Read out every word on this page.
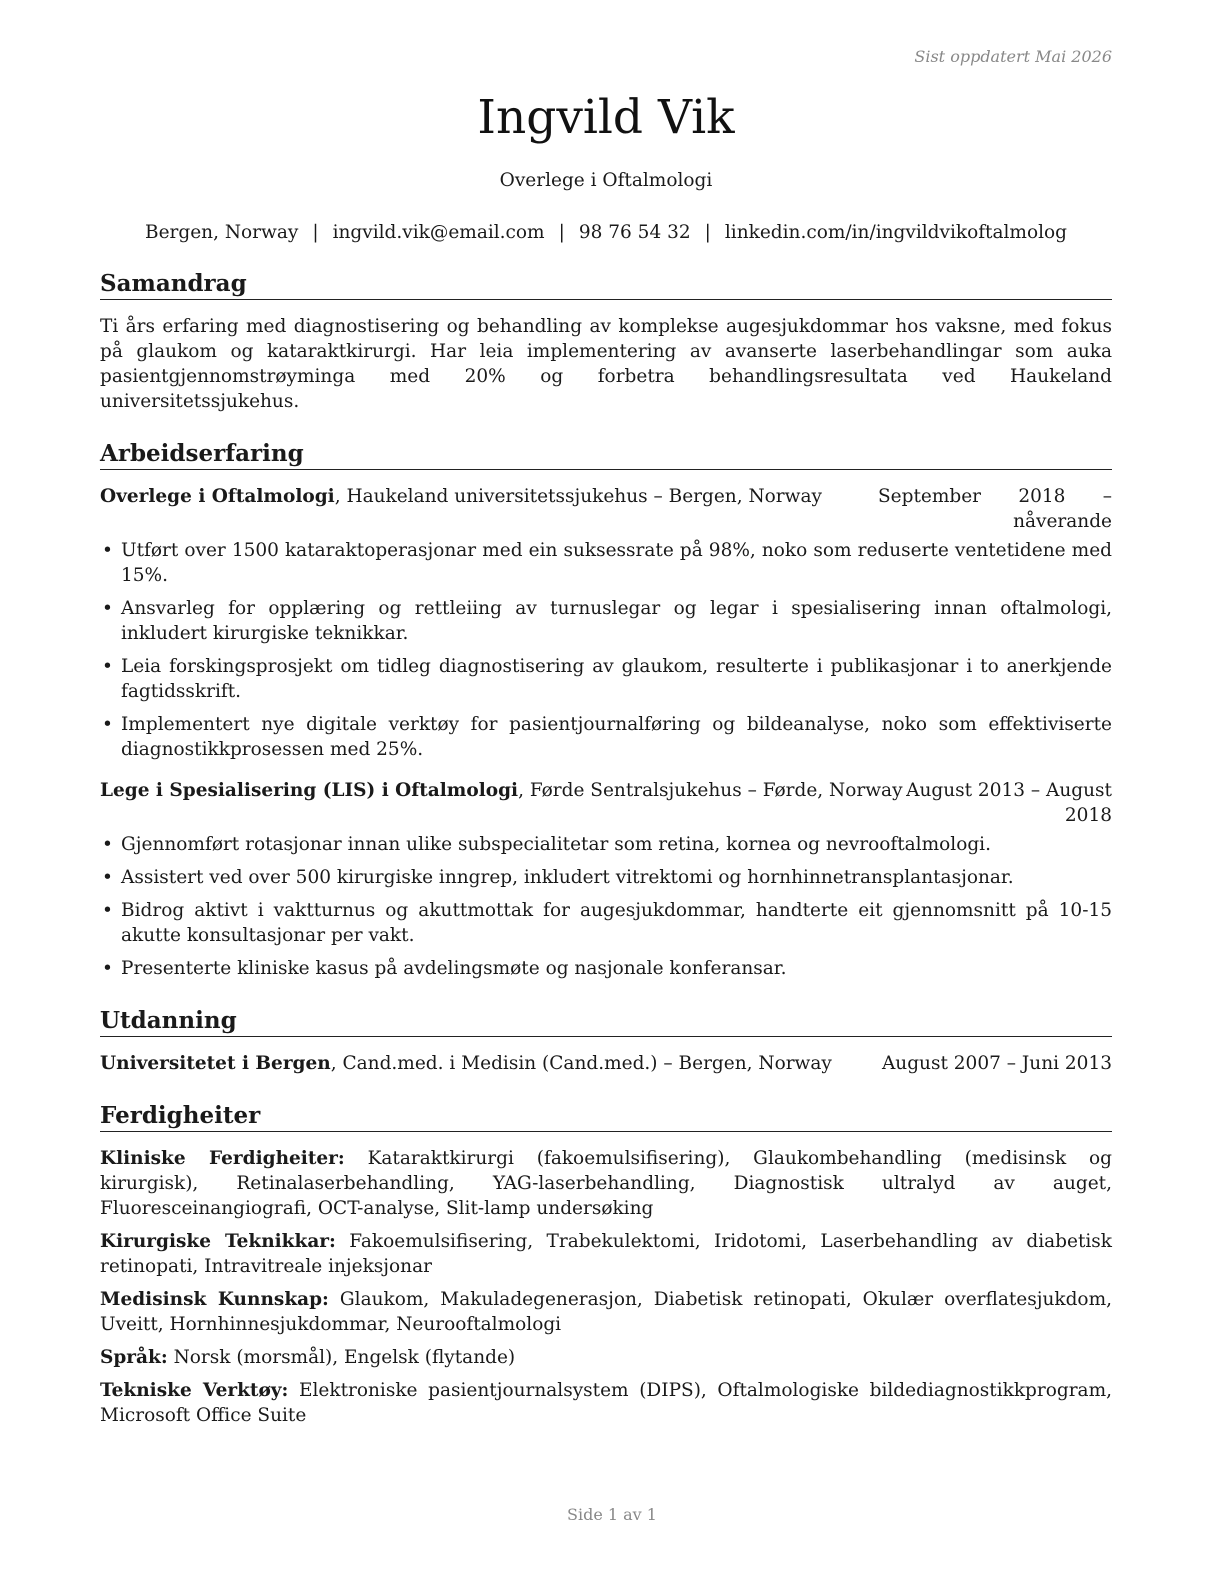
Sist oppdatert Mai 2026
Ingvild Vik
Overlege i Oftalmologi
Bergen, Norway | ingvild.vik@email.com | 98 76 54 32 | linkedin.com/in/ingvildvikoftalmolog
Samandrag
Ti års erfaring med diagnostisering og behandling av komplekse augesjukdommar hos vaksne, med fokus på glaukom og kataraktkirurgi. Har leia implementering av avanserte laserbehandlingar som auka pasientgjennomstrøyminga med 20% og forbetra behandlingsresultata ved Haukeland universitetssjukehus.
Arbeidserfaring
Overlege i Oftalmologi, Haukeland universitetssjukehus – Bergen, Norway	September 2018 – nåverande
• Utført over 1500 kataraktoperasjonar med ein suksessrate på 98%, noko som reduserte ventetidene med 15%.
• Ansvarleg for opplæring og rettleiing av turnuslegar og legar i spesialisering innan oftalmologi, inkludert kirurgiske teknikkar.
• Leia forskingsprosjekt om tidleg diagnostisering av glaukom, resulterte i publikasjonar i to anerkjende fagtidsskrift.
• Implementert nye digitale verktøy for pasientjournalføring og bildeanalyse, noko som effektiviserte diagnostikkprosessen med 25%.
Lege i Spesialisering (LIS) i Oftalmologi, Førde Sentralsjukehus – Førde, Norway August 2013 – August 2018
• Gjennomført rotasjonar innan ulike subspecialitetar som retina, kornea og nevrooftalmologi.
• Assistert ved over 500 kirurgiske inngrep, inkludert vitrektomi og hornhinnetransplantasjonar.
• Bidrog aktivt i vaktturnus og akuttmottak for augesjukdommar, handterte eit gjennomsnitt på 10-15 akutte konsultasjonar per vakt.
• Presenterte kliniske kasus på avdelingsmøte og nasjonale konferansar.
Utdanning
Universitetet i Bergen, Cand.med. i Medisin (Cand.med.) – Bergen, Norway	August 2007 – Juni 2013
Ferdigheiter
Kliniske Ferdigheiter: Kataraktkirurgi (fakoemulsifisering), Glaukombehandling (medisinsk og kirurgisk), Retinalaserbehandling, YAG-laserbehandling, Diagnostisk ultralyd av auget, Fluoresceinangiografi, OCT-analyse, Slit-lamp undersøking
Kirurgiske Teknikkar: Fakoemulsifisering, Trabekulektomi, Iridotomi, Laserbehandling av diabetisk retinopati, Intravitreale injeksjonar
Medisinsk Kunnskap: Glaukom, Makuladegenerasjon, Diabetisk retinopati, Okulær overflatesjukdom, Uveitt, Hornhinnesjukdommar, Neurooftalmologi
Språk: Norsk (morsmål), Engelsk (flytande)
Tekniske Verktøy: Elektroniske pasientjournalsystem (DIPS), Oftalmologiske bildediagnostikkprogram, Microsoft Office Suite
Side 1 av 1
